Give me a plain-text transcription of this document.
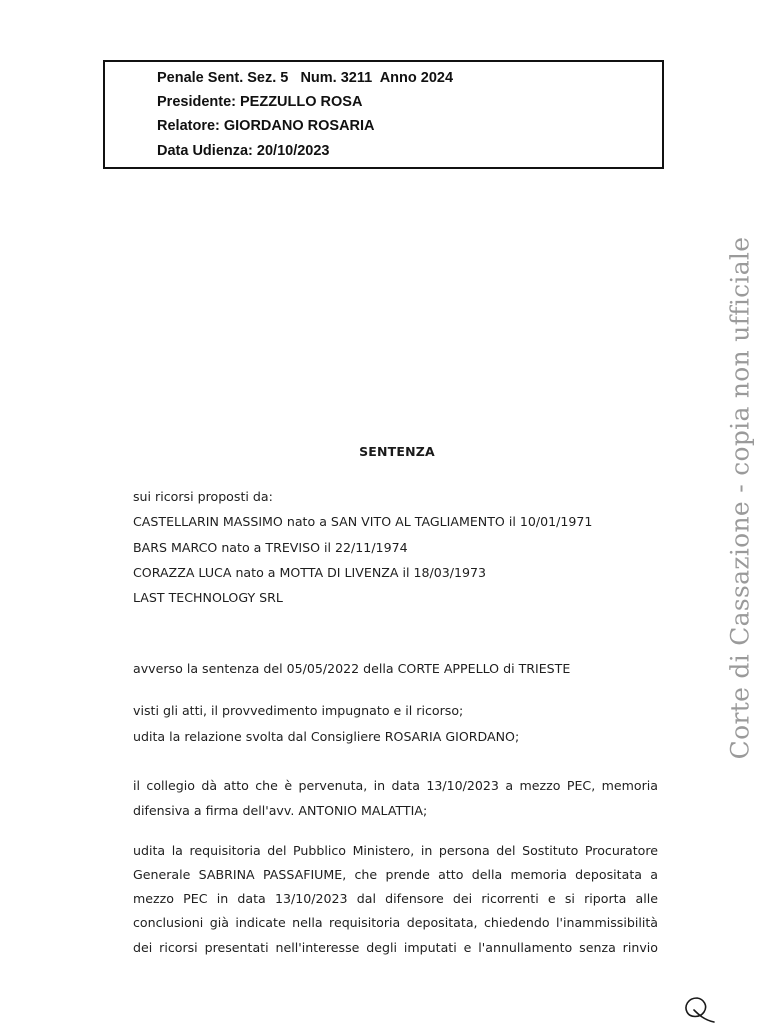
Penale Sent. Sez. 5   Num. 3211  Anno 2024
Presidente: PEZZULLO ROSA
Relatore: GIORDANO ROSARIA
Data Udienza: 20/10/2023
SENTENZA
sui ricorsi proposti da:
CASTELLARIN MASSIMO nato a SAN VITO AL TAGLIAMENTO il 10/01/1971
BARS MARCO nato a TREVISO il 22/11/1974
CORAZZA LUCA nato a MOTTA DI LIVENZA il 18/03/1973
LAST TECHNOLOGY SRL
avverso la sentenza del 05/05/2022 della CORTE APPELLO di TRIESTE
visti gli atti, il provvedimento impugnato e il ricorso;
udita la relazione svolta dal Consigliere ROSARIA GIORDANO;
il collegio dà atto che è pervenuta, in data 13/10/2023 a mezzo PEC, memoria
difensiva a firma dell'avv. ANTONIO MALATTIA;
udita la requisitoria del Pubblico Ministero, in persona del Sostituto Procuratore
Generale SABRINA PASSAFIUME, che prende atto della memoria depositata a
mezzo PEC in data 13/10/2023 dal difensore dei ricorrenti e si riporta alle
conclusioni già indicate nella requisitoria depositata, chiedendo l'inammissibilità
dei ricorsi presentati nell'interesse degli imputati e l'annullamento senza rinvio
Corte di Cassazione - copia non ufficiale
